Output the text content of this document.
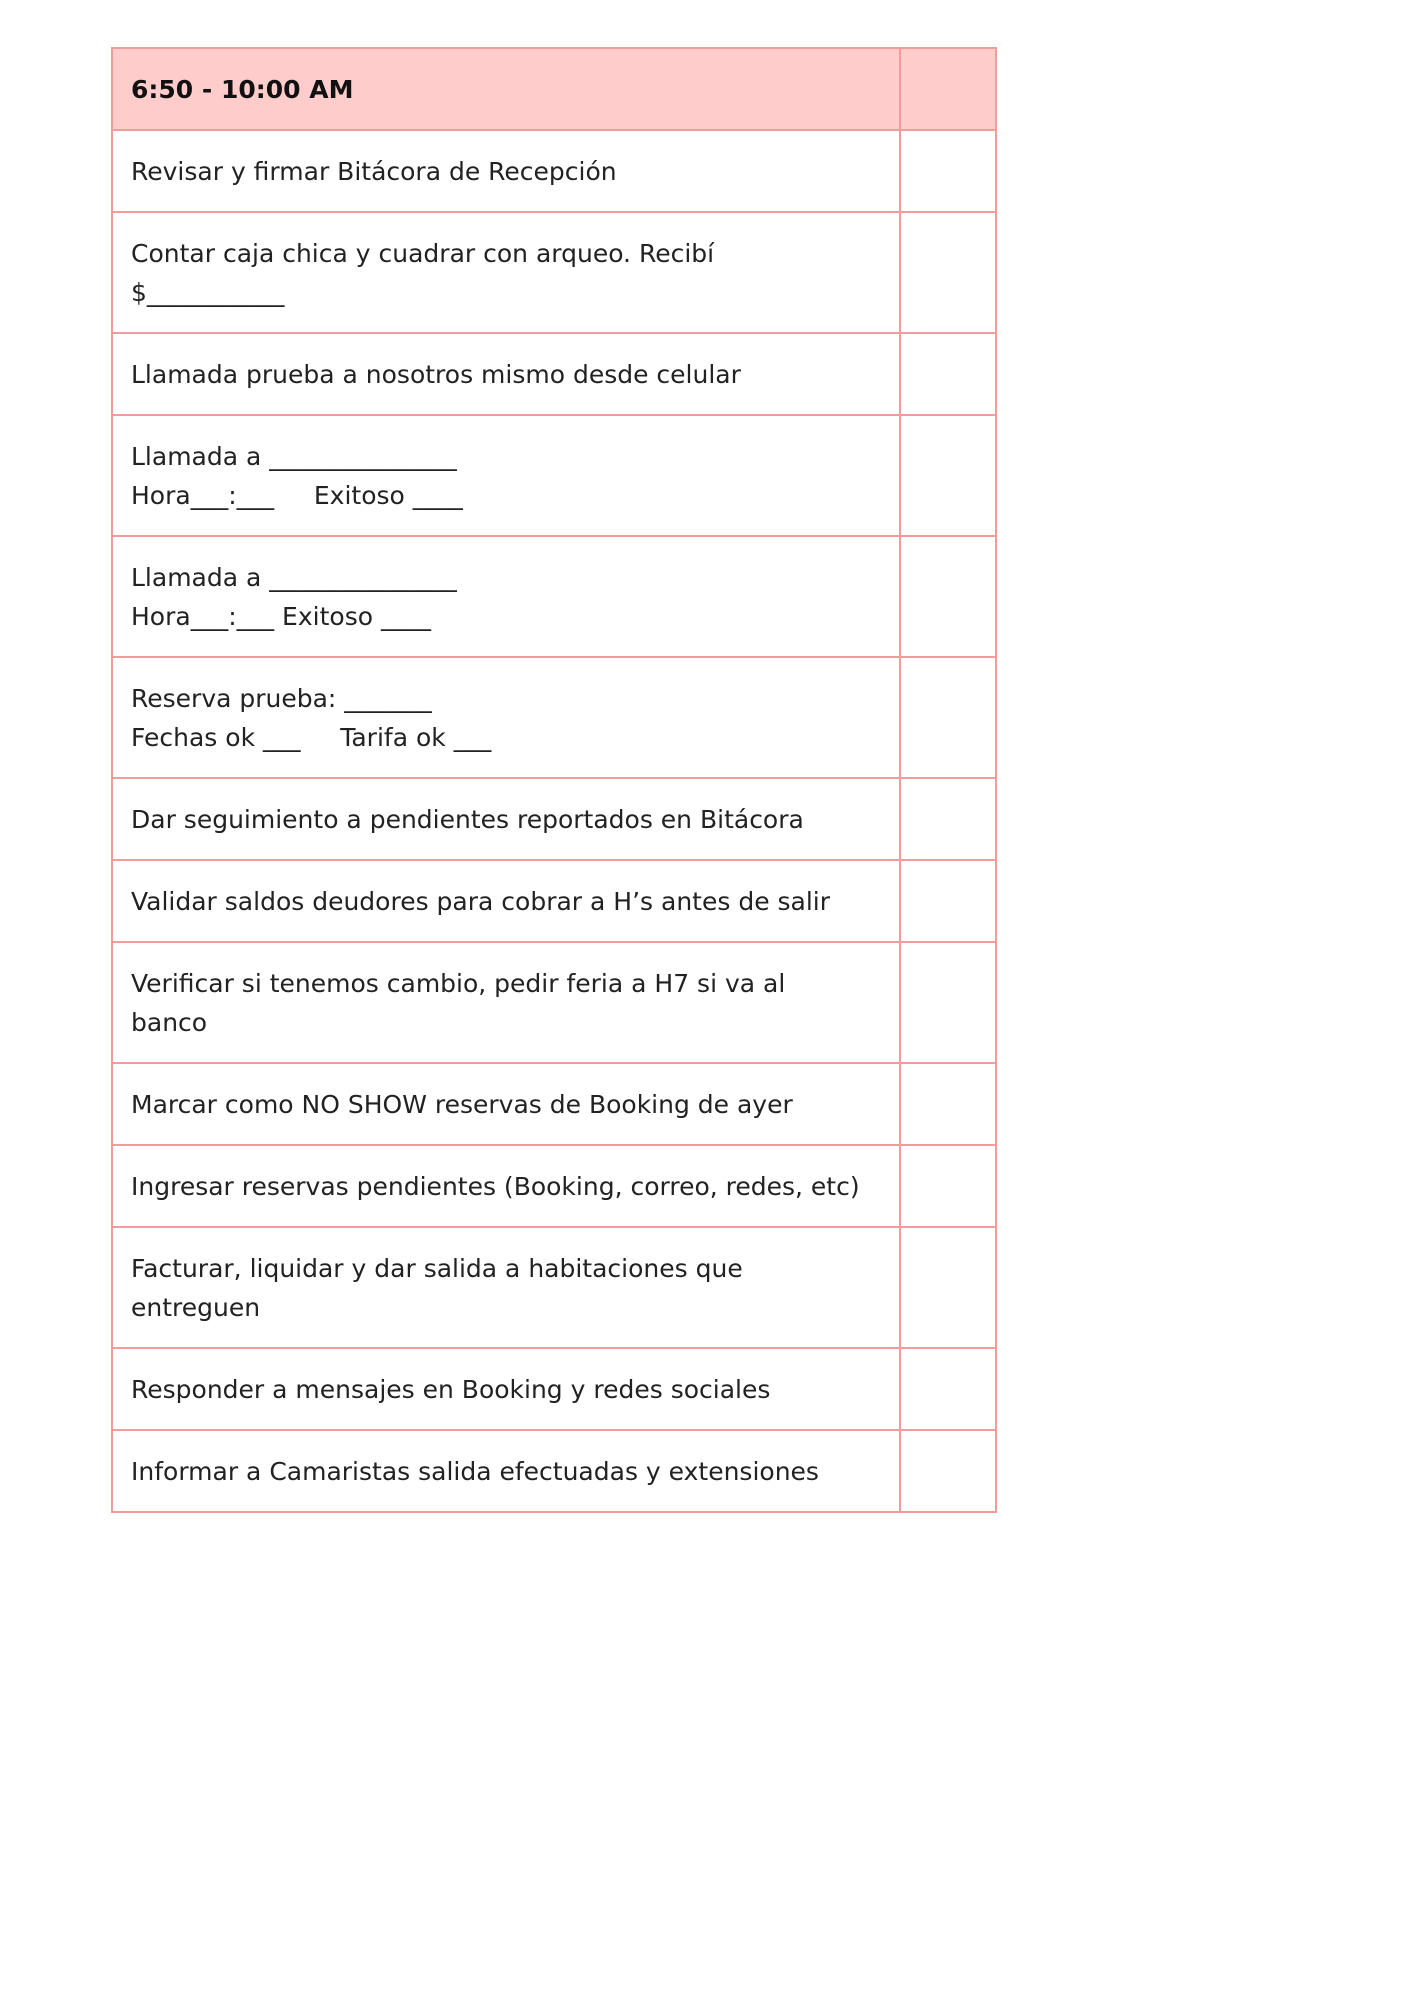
6:50 - 10:00 AM	
Revisar y firmar Bitácora de Recepción	
Contar caja chica y cuadrar con arqueo. Recibí
$___________	
Llamada prueba a nosotros mismo desde celular	
Llamada a _______________
Hora___:___     Exitoso ____	
Llamada a _______________
Hora___:___ Exitoso ____	
Reserva prueba: _______
Fechas ok ___     Tarifa ok ___	
Dar seguimiento a pendientes reportados en Bitácora	
Validar saldos deudores para cobrar a H’s antes de salir	
Verificar si tenemos cambio, pedir feria a H7 si va al
banco	
Marcar como NO SHOW reservas de Booking de ayer	
Ingresar reservas pendientes (Booking, correo, redes, etc)	
Facturar, liquidar y dar salida a habitaciones que
entreguen	
Responder a mensajes en Booking y redes sociales	
Informar a Camaristas salida efectuadas y extensiones	
